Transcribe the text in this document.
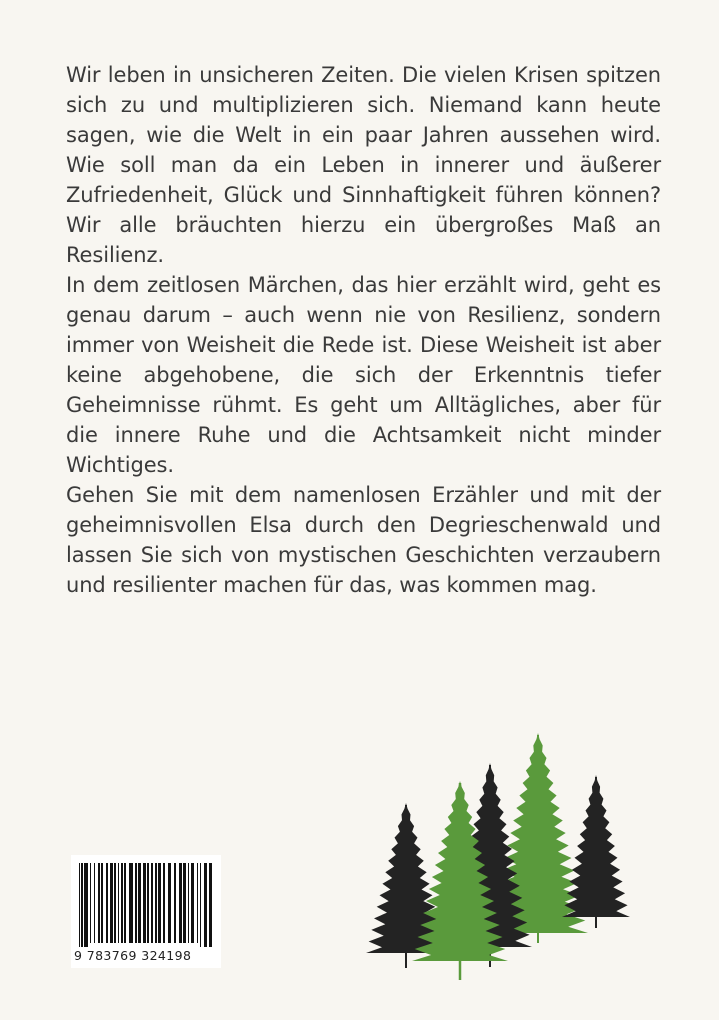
Wir leben in unsicheren Zeiten. Die vielen Krisen spitzen sich zu und multiplizieren sich. Niemand kann heute sagen, wie die Welt in ein paar Jahren aussehen wird. Wie soll man da ein Leben in innerer und äußerer Zufriedenheit, Glück und Sinnhaftigkeit führen können? Wir alle bräuchten hierzu ein übergroßes Maß an Resilienz.

In dem zeitlosen Märchen, das hier erzählt wird, geht es genau darum – auch wenn nie von Resilienz, sondern immer von Weisheit die Rede ist. Diese Weisheit ist aber keine abgehobene, die sich der Erkenntnis tiefer Geheimnisse rühmt. Es geht um Alltägliches, aber für die innere Ruhe und die Achtsamkeit nicht minder Wichtiges.

Gehen Sie mit dem namenlosen Erzähler und mit der geheimnisvollen Elsa durch den Degrieschenwald und lassen Sie sich von mystischen Geschichten verzaubern und resilienter machen für das, was kommen mag.

9 783769 324198
